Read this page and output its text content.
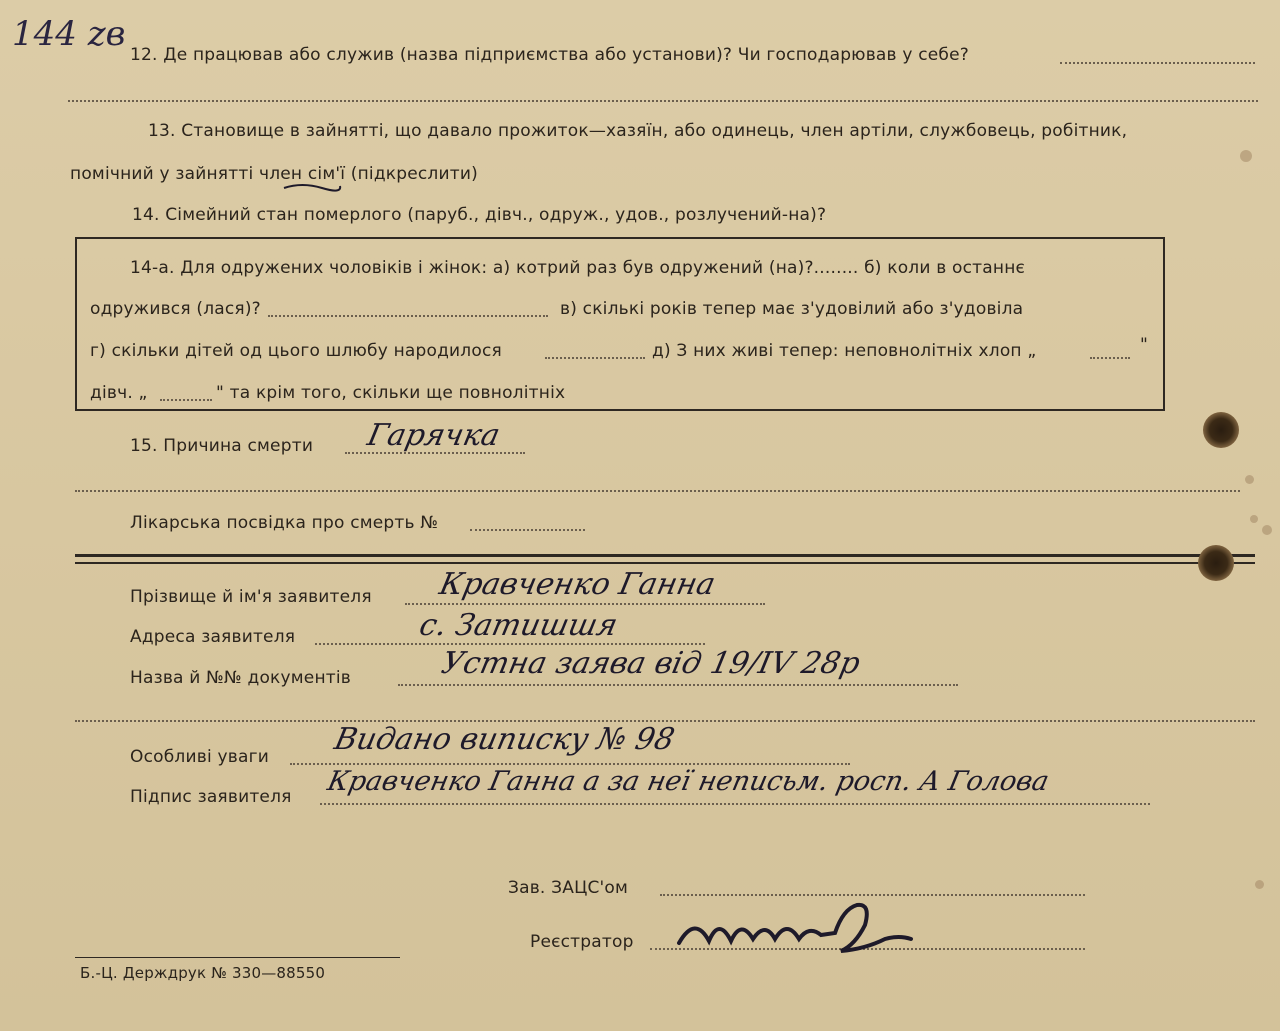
144 zв
12. Де працював або служив (назва підприємства або установи)? Чи господарював у себе?
13. Становище в зайнятті, що давало прожиток—хазяїн, або одинець, член артіли, службовець, робітник,
помічний у зайнятті член сім'ї (підкреслити)
14. Сімейний стан померлого (паруб., дівч., одруж., удов., розлучений-на)?
14-а. Для одружених чоловіків і жінок: а) котрий раз був одружений (на)?........ б) коли в останнє
одружився (лася)?	в) скількі років тепер має з'удовілий або з'удовіла
г) скільки дітей од цього шлюбу народилося	д) З них живі тепер: неповнолітніх хлоп „	"
дівч. „	" та крім того, скільки ще повнолітніх
15. Причина смерти Гарячка
Лікарська посвідка про смерть №
Прізвище й ім'я заявителя Кравченко Ганна
Адреса заявителя	с. Затишшя
Назва й №№ документів	Устна заява від 19/IV 28р
Особливі уваги Видано виписку № 98
Підпис заявителя Кравченко Ганна а за неї неписьм. росп. А Голова
Зав. ЗАЦС'ом
Реєстратор
Б.-Ц. Держдрук № 330—88550
